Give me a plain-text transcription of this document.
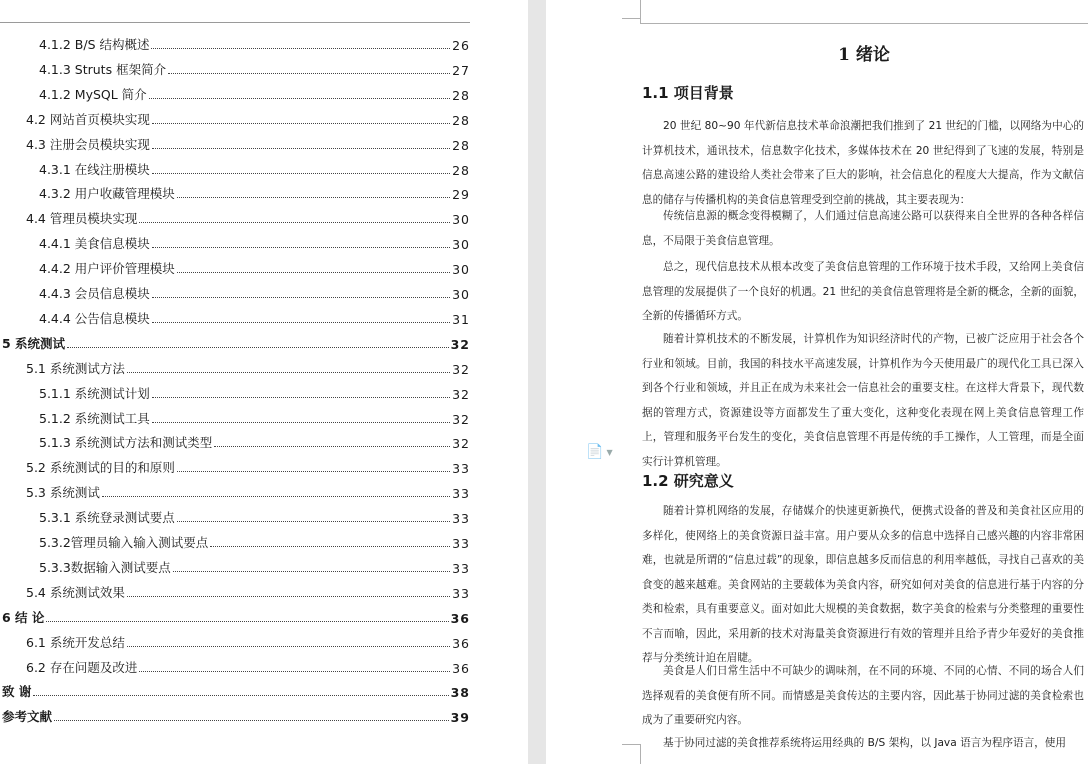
4.1.2 B/S 结构概述	26
4.1.3 Struts 框架简介	27
4.1.2 MySQL 简介	28
4.2 网站首页模块实现	28
4.3 注册会员模块实现	28
4.3.1 在线注册模块	28
4.3.2 用户收藏管理模块	29
4.4 管理员模块实现	30
4.4.1 美食信息模块	30
4.4.2 用户评价管理模块	30
4.4.3 会员信息模块	30
4.4.4 公告信息模块	31
5 系统测试	32
5.1 系统测试方法	32
5.1.1 系统测试计划	32
5.1.2 系统测试工具	32
5.1.3 系统测试方法和测试类型	32
5.2 系统测试的目的和原则	33
5.3 系统测试	33
5.3.1 系统登录测试要点	33
5.3.2管理员输入输入测试要点	33
5.3.3数据输入测试要点	33
5.4 系统测试效果	33
6 结 论	36
6.1 系统开发总结	36
6.2 存在问题及改进	36
致 谢	38
参考文献	39
1 绪论
1.1 项目背景
20 世纪 80~90 年代新信息技术革命浪潮把我们推到了 21 世纪的门槛，以网络为中心的计算机技术，通讯技术，信息数字化技术，多媒体技术在 20 世纪得到了飞速的发展，特别是信息高速公路的建设给人类社会带来了巨大的影响，社会信息化的程度大大提高，作为文献信息的储存与传播机构的美食信息管理受到空前的挑战，其主要表现为：
传统信息源的概念变得模糊了，人们通过信息高速公路可以获得来自全世界的各种各样信息，不局限于美食信息管理。
总之，现代信息技术从根本改变了美食信息管理的工作环境于技术手段，又给网上美食信息管理的发展提供了一个良好的机遇。21 世纪的美食信息管理将是全新的概念，全新的面貌，全新的传播循环方式。
随着计算机技术的不断发展，计算机作为知识经济时代的产物，已被广泛应用于社会各个行业和领域。目前，我国的科技水平高速发展，计算机作为今天使用最广的现代化工具已深入到各个行业和领域，并且正在成为未来社会一信息社会的重要支柱。在这样大背景下，现代数据的管理方式，资源建设等方面都发生了重大变化，这种变化表现在网上美食信息管理工作上，管理和服务平台发生的变化，美食信息管理不再是传统的手工操作，人工管理，而是全面实行计算机管理。
1.2 研究意义
随着计算机网络的发展，存储媒介的快速更新换代，便携式设备的普及和美食社区应用的多样化，使网络上的美食资源日益丰富。用户要从众多的信息中选择自己感兴趣的内容非常困难，也就是所谓的“信息过载”的现象，即信息越多反而信息的利用率越低，寻找自己喜欢的美食变的越来越难。美食网站的主要载体为美食内容，研究如何对美食的信息进行基于内容的分类和检索，具有重要意义。面对如此大规模的美食数据，数字美食的检索与分类整理的重要性不言而喻，因此，采用新的技术对海量美食资源进行有效的管理并且给予青少年爱好的美食推荐与分类统计迫在眉睫。
美食是人们日常生活中不可缺少的调味剂，在不同的环境、不同的心情、不同的场合人们选择观看的美食便有所不同。而情感是美食传达的主要内容，因此基于协同过滤的美食检索也成为了重要研究内容。
基于协同过滤的美食推荐系统将运用经典的 B/S 架构，以 Java 语言为程序语言，使用
📄 ▼
